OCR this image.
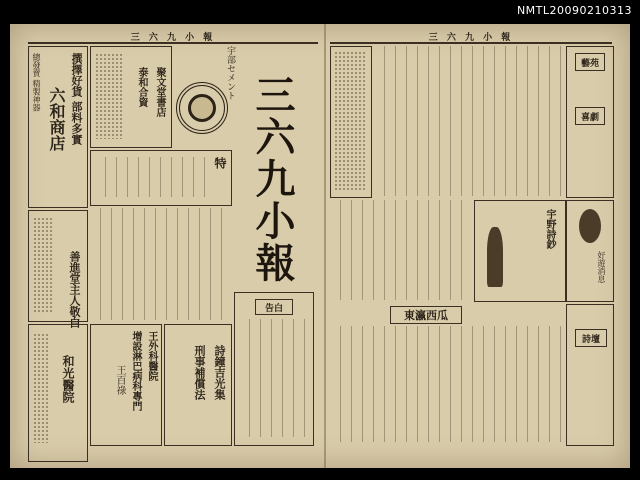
NMTL20090210313
三 六 九 小 報
撰擇好貨 部料多實
六和商店
總發賣 精製神器
善進堂主人敬白
和光醫院
聚文堂書店
泰和合資
特
宇部セメント
三六九小報
王外科醫院
增設淋巴病科專門
王百祿	詩鐘吉光集
刑事補償法
告白
三 六 九 小 報
藝苑
喜劇
宇野詩鈔
好遊消息
東瀛西瓜
詩壇
